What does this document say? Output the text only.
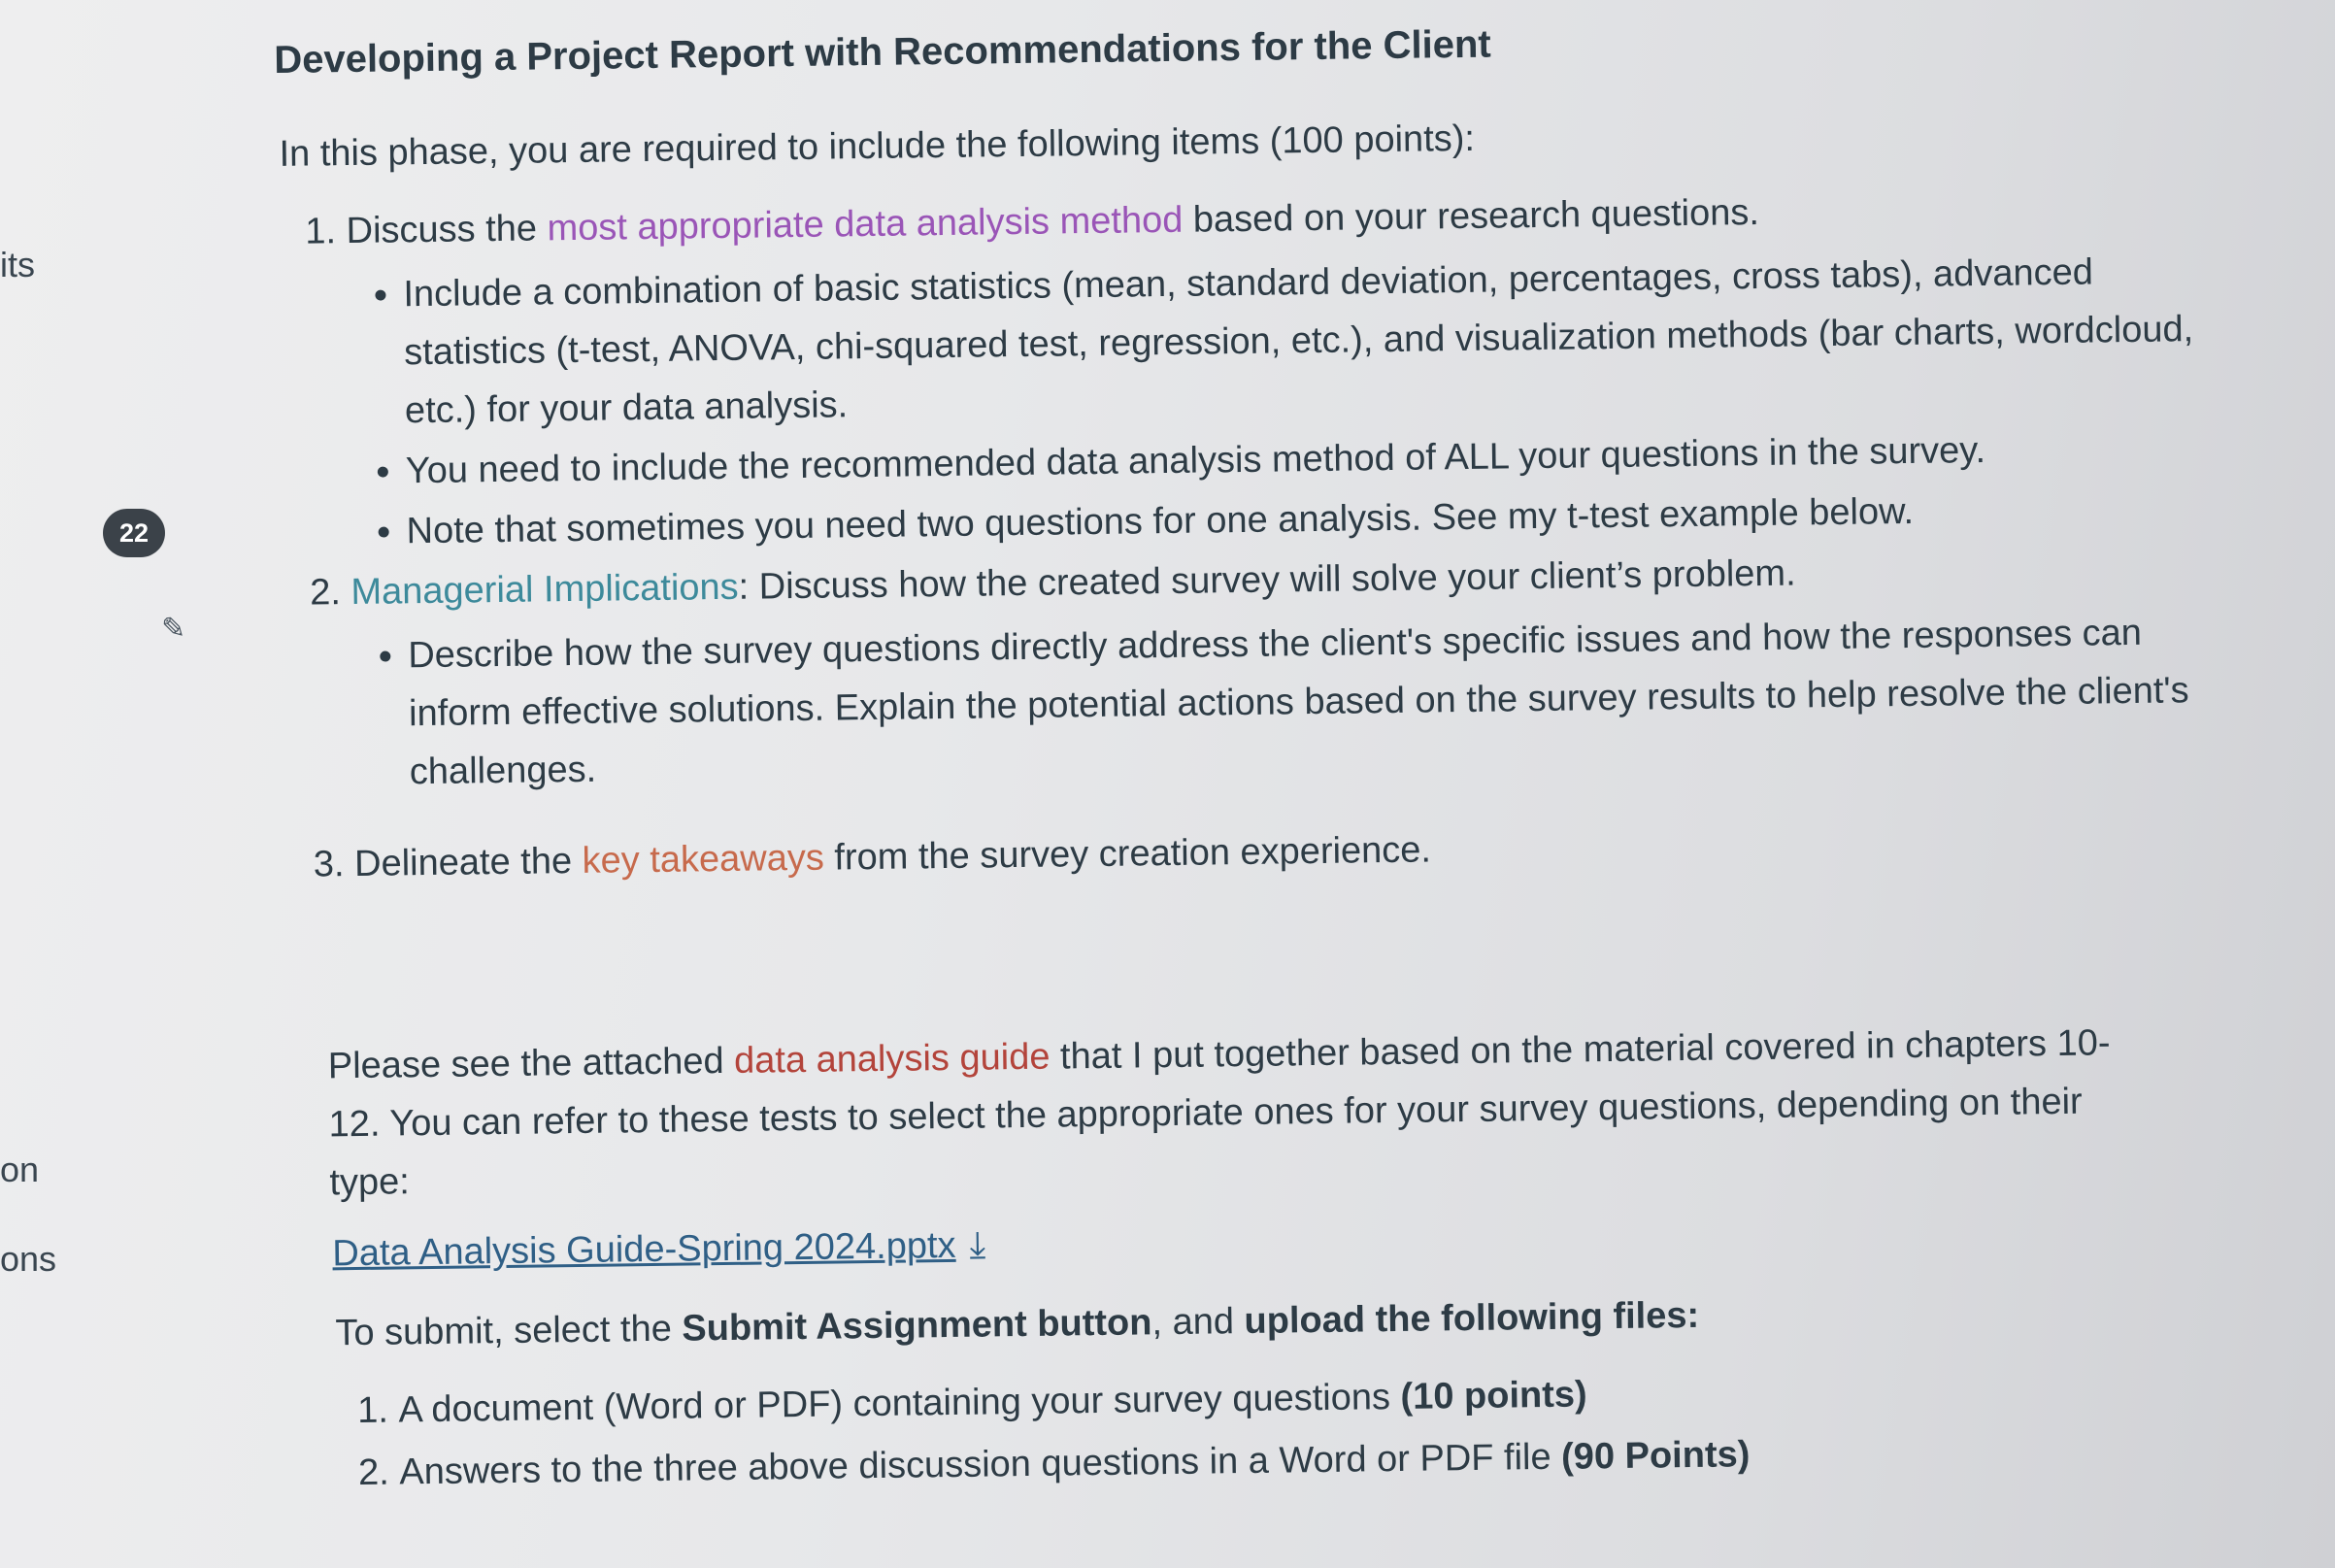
its
on
ons
22
✎
Developing a Project Report with Recommendations for the Client

In this phase, you are required to include the following items (100 points):

1. Discuss the most appropriate data analysis method based on your research questions.
• Include a combination of basic statistics (mean, standard deviation, percentages, cross tabs), advanced statistics (t-test, ANOVA, chi-squared test, regression, etc.), and visualization methods (bar charts, wordcloud, etc.) for your data analysis.
• You need to include the recommended data analysis method of ALL your questions in the survey.
• Note that sometimes you need two questions for one analysis. See my t-test example below.
2. Managerial Implications: Discuss how the created survey will solve your client’s problem.
• Describe how the survey questions directly address the client's specific issues and how the responses can inform effective solutions. Explain the potential actions based on the survey results to help resolve the client's challenges.
3. Delineate the key takeaways from the survey creation experience.

Please see the attached data analysis guide that I put together based on the material covered in chapters 10-12. You can refer to these tests to select the appropriate ones for your survey questions, depending on their type:

Data Analysis Guide-Spring 2024.pptx ⤓

To submit, select the Submit Assignment button, and upload the following files:

1. A document (Word or PDF) containing your survey questions (10 points)
2. Answers to the three above discussion questions in a Word or PDF file (90 Points)
